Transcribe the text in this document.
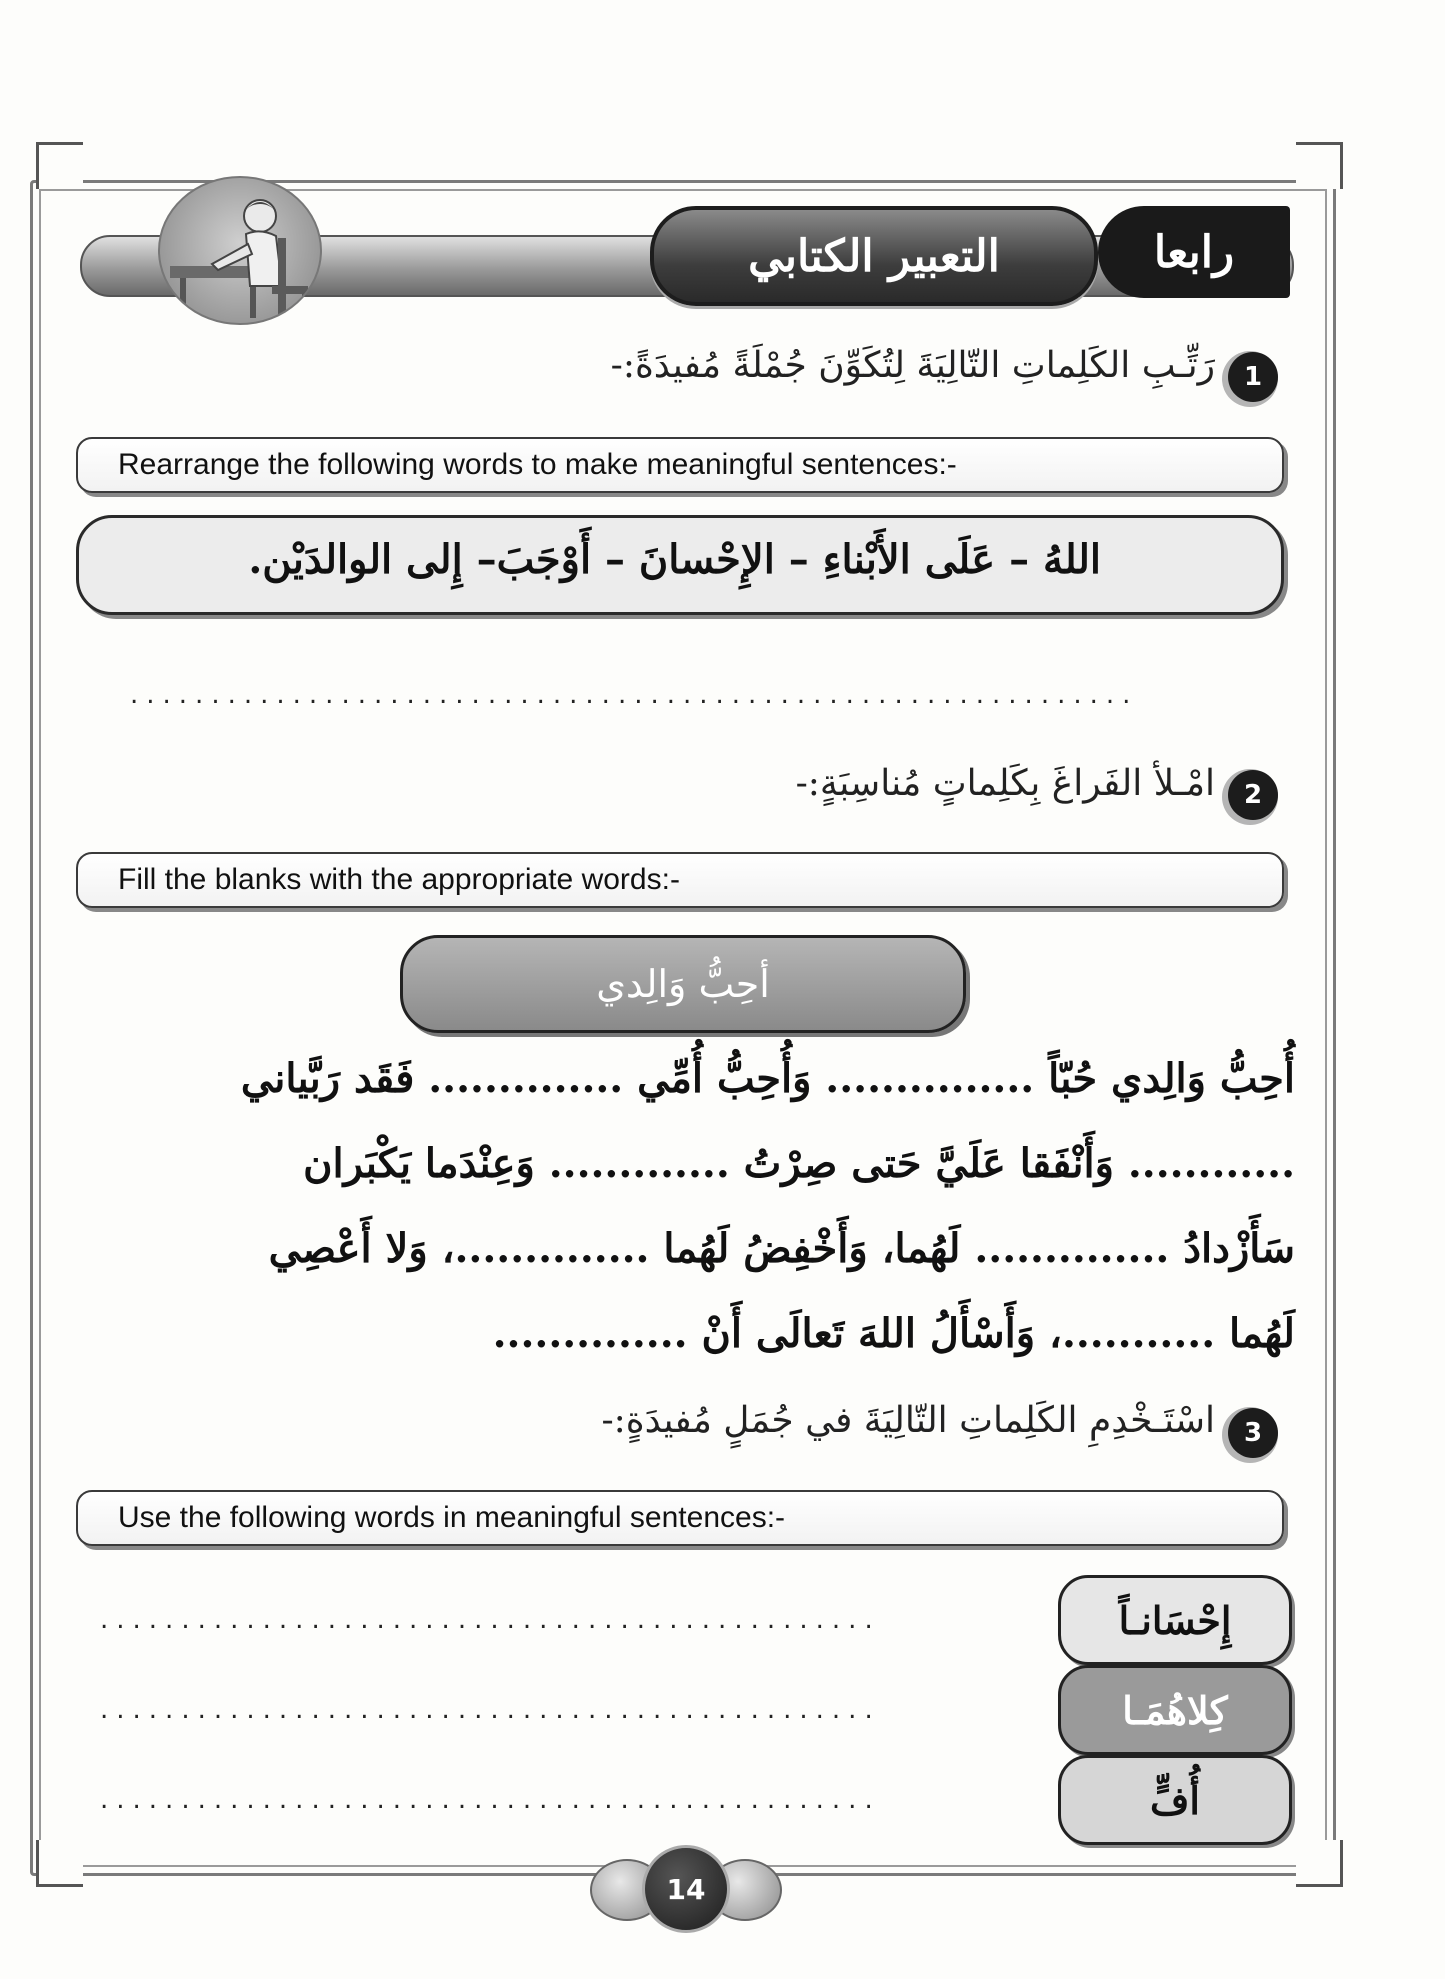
التعبير الكتابي	رابعا
1
رَتِّـبِ الكَلِماتِ التّالِيَةَ لِتُكَوِّنَ جُمْلَةً مُفيدَةً:-
Rearrange the following words to make meaningful sentences:-
اللهُ – عَلَى الأَبْناءِ – الإِحْسانَ – أَوْجَبَ– إِلى الوالدَيْن.
..............................................................
2
امْـلأ الفَراغَ بِكَلِماتٍ مُناسِبَةٍ:-
Fill the blanks with the appropriate words:-
أحِبُّ وَالِدي
أُحِبُّ وَالِدي حُبّاً ............... وَأُحِبُّ أُمِّي .............. فَقَد رَبَّياني
............ وَأَنْفَقا عَلَيَّ حَتى صِرْتُ ............. وَعِنْدَما يَكْبَران
سَأَزْدادُ .............. لَهُما، وَأَخْفِضُ لَهُما ..............، وَلا أَعْصِي
لَهُما ...........، وَأَسْأَلُ اللهَ تَعالَى أَنْ ..............
3
اسْتَـخْدِمِ الكَلِماتِ التّالِيَةَ في جُمَلٍ مُفيدَةٍ:-
Use the following words in meaningful sentences:-
إِحْسَانـاً
كِلاهُمَـا
أُفٍّ
................................................
................................................
................................................
14
